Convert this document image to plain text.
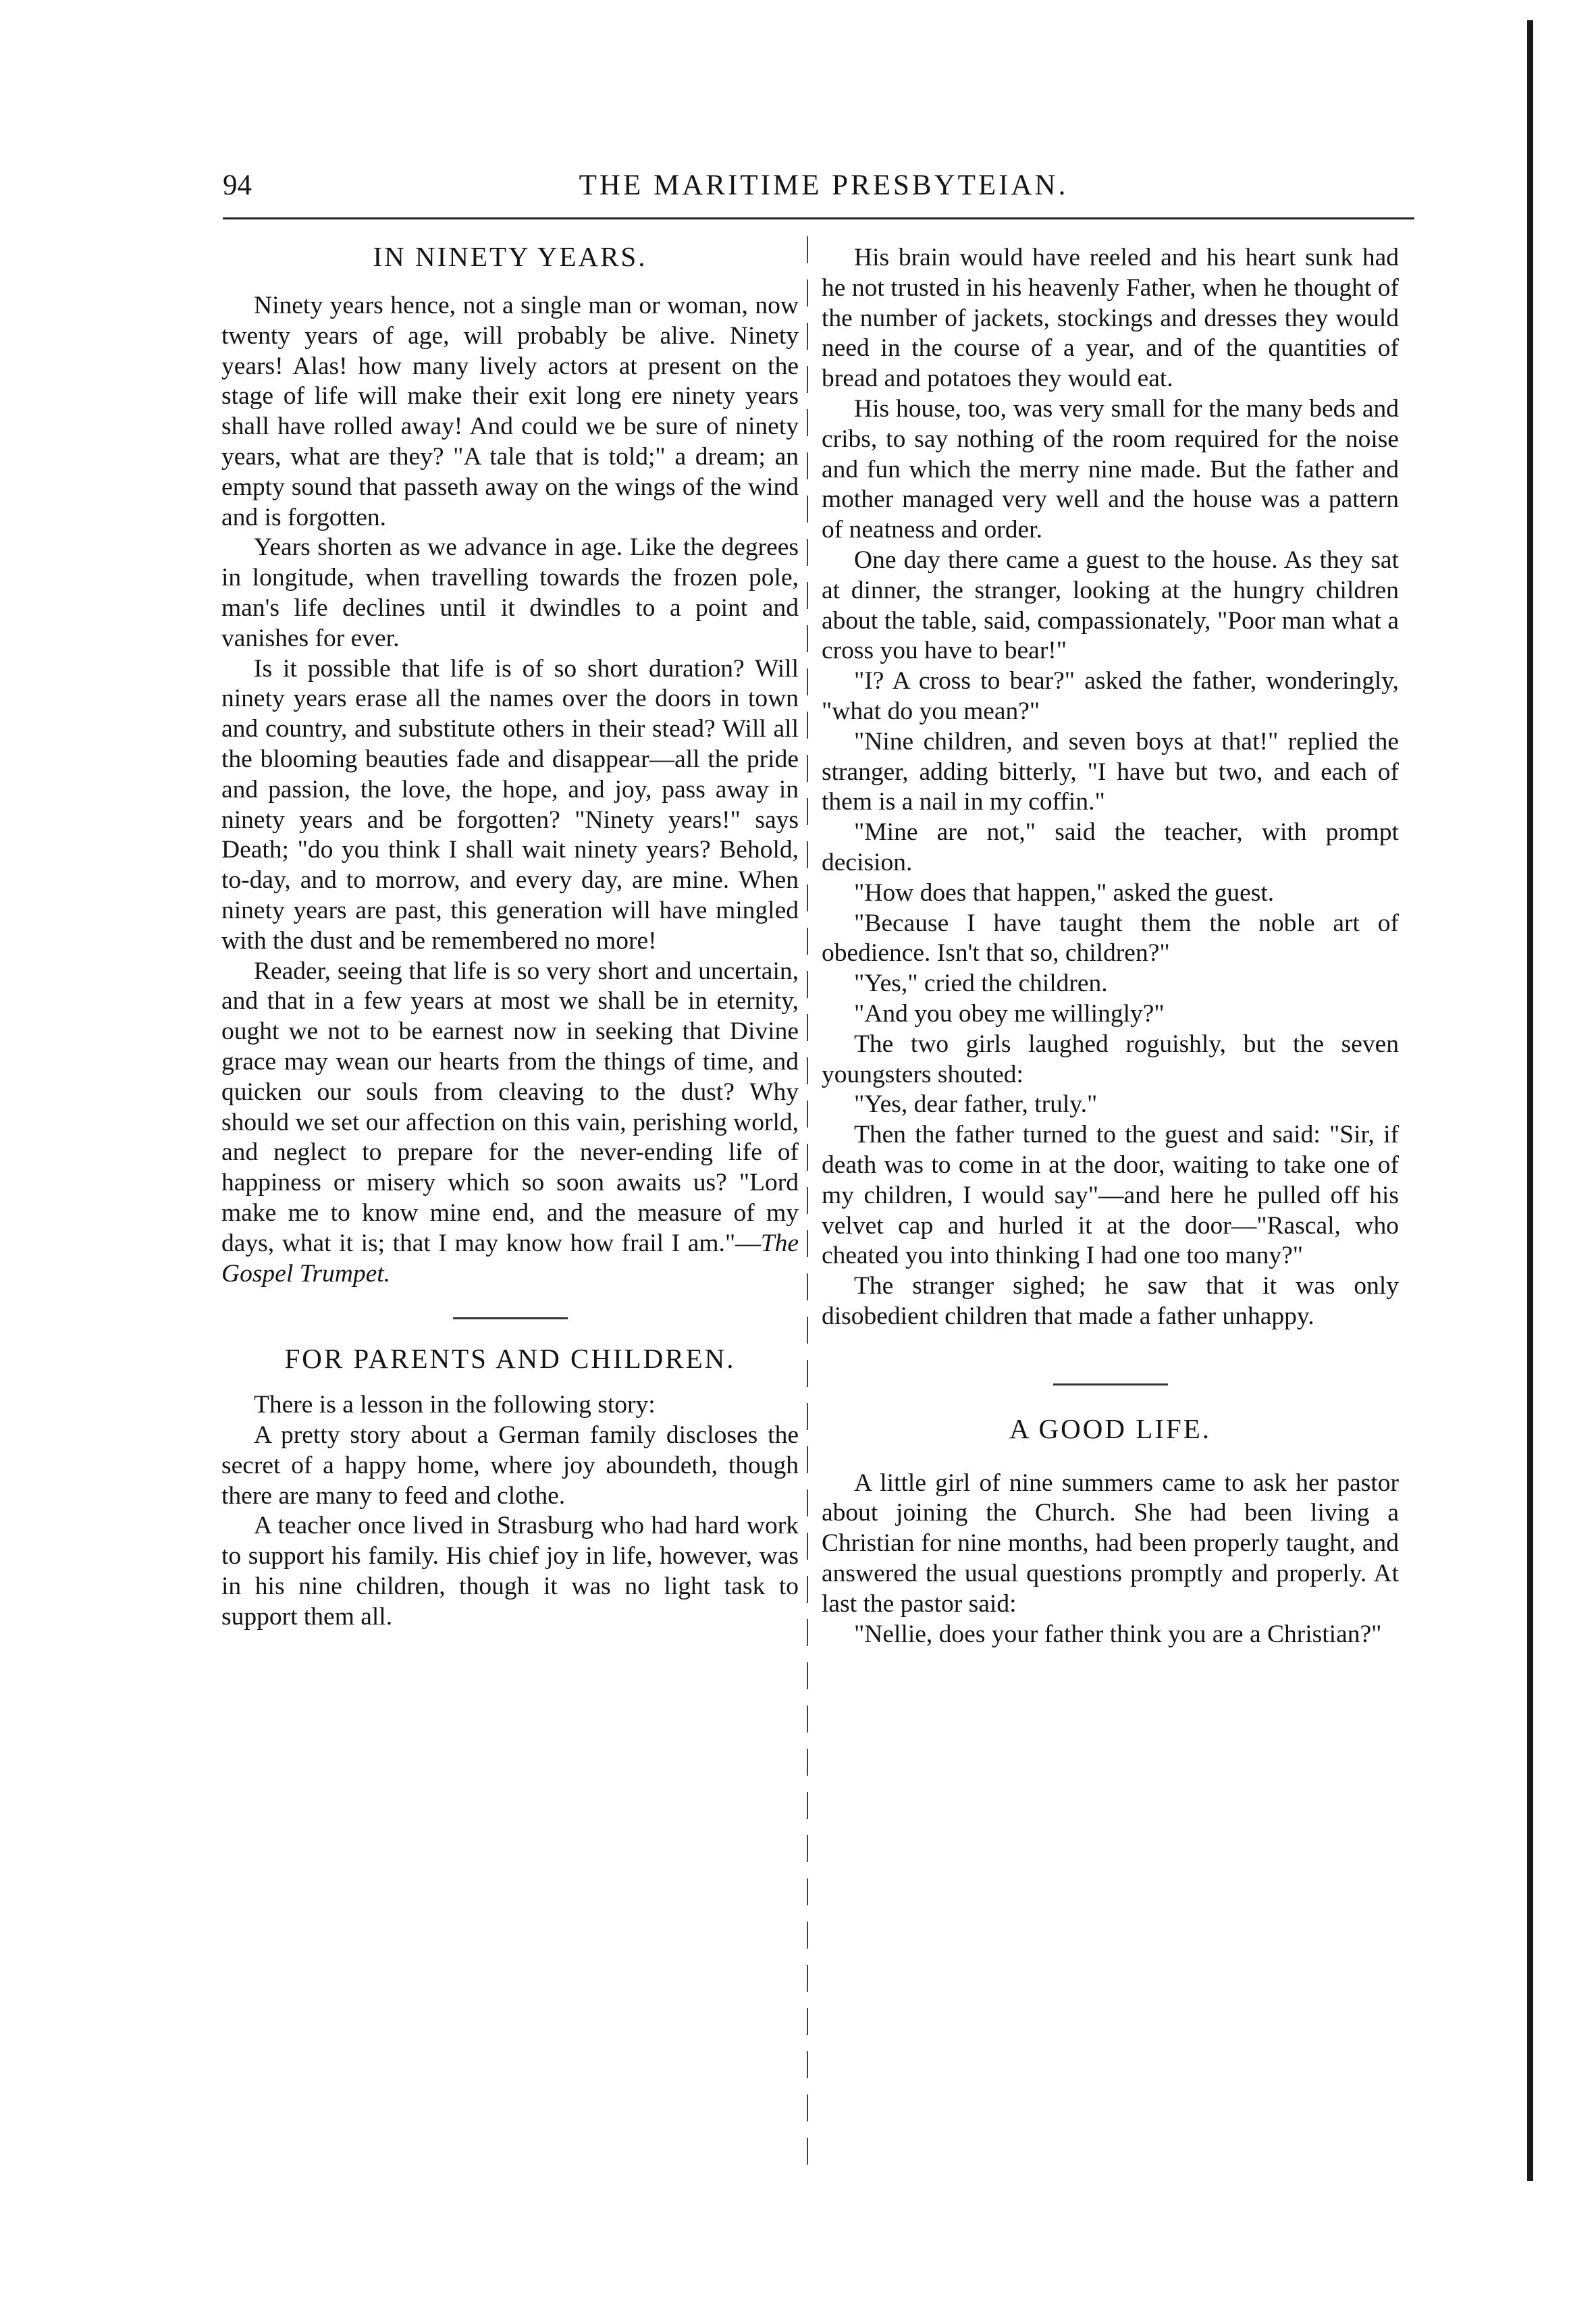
94	THE MARITIME PRESBYTEIAN.
IN NINETY YEARS.

Ninety years hence, not a single man or woman, now twenty years of age, will probably be alive. Ninety years! Alas! how many lively actors at present on the stage of life will make their exit long ere ninety years shall have rolled away! And could we be sure of ninety years, what are they? "A tale that is told;" a dream; an empty sound that passeth away on the wings of the wind and is forgotten.

Years shorten as we advance in age. Like the degrees in longitude, when travelling towards the frozen pole, man's life declines until it dwindles to a point and vanishes for ever.

Is it possible that life is of so short duration? Will ninety years erase all the names over the doors in town and country, and substitute others in their stead? Will all the blooming beauties fade and disappear—all the pride and passion, the love, the hope, and joy, pass away in ninety years and be forgotten? "Ninety years!" says Death; "do you think I shall wait ninety years? Behold, to-day, and to morrow, and every day, are mine. When ninety years are past, this generation will have mingled with the dust and be remembered no more!

Reader, seeing that life is so very short and uncertain, and that in a few years at most we shall be in eternity, ought we not to be earnest now in seeking that Divine grace may wean our hearts from the things of time, and quicken our souls from cleaving to the dust? Why should we set our affection on this vain, perishing world, and neglect to prepare for the never-ending life of happiness or misery which so soon awaits us? "Lord make me to know mine end, and the measure of my days, what it is; that I may know how frail I am."—The Gospel Trumpet.

FOR PARENTS AND CHILDREN.

There is a lesson in the following story:

A pretty story about a German family discloses the secret of a happy home, where joy aboundeth, though there are many to feed and clothe.

A teacher once lived in Strasburg who had hard work to support his family. His chief joy in life, however, was in his nine children, though it was no light task to support them all.

His brain would have reeled and his heart sunk had he not trusted in his heavenly Father, when he thought of the number of jackets, stockings and dresses they would need in the course of a year, and of the quantities of bread and potatoes they would eat.

His house, too, was very small for the many beds and cribs, to say nothing of the room required for the noise and fun which the merry nine made. But the father and mother managed very well and the house was a pattern of neatness and order.

One day there came a guest to the house. As they sat at dinner, the stranger, looking at the hungry children about the table, said, compassionately, "Poor man what a cross you have to bear!"

"I? A cross to bear?" asked the father, wonderingly, "what do you mean?"

"Nine children, and seven boys at that!" replied the stranger, adding bitterly, "I have but two, and each of them is a nail in my coffin."

"Mine are not," said the teacher, with prompt decision.

"How does that happen," asked the guest.

"Because I have taught them the noble art of obedience. Isn't that so, children?"

"Yes," cried the children.

"And you obey me willingly?"

The two girls laughed roguishly, but the seven youngsters shouted:

"Yes, dear father, truly."

Then the father turned to the guest and said: "Sir, if death was to come in at the door, waiting to take one of my children, I would say"—and here he pulled off his velvet cap and hurled it at the door—"Rascal, who cheated you into thinking I had one too many?"

The stranger sighed; he saw that it was only disobedient children that made a father unhappy.

A GOOD LIFE.

A little girl of nine summers came to ask her pastor about joining the Church. She had been living a Christian for nine months, had been properly taught, and answered the usual questions promptly and properly. At last the pastor said:

"Nellie, does your father think you are a Christian?"
